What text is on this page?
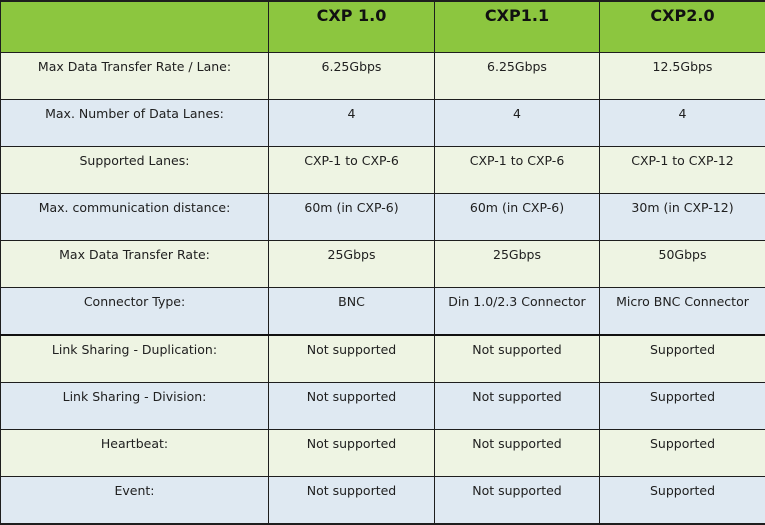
	CXP 1.0	CXP1.1	CXP2.0
Max Data Transfer Rate / Lane:	6.25Gbps	6.25Gbps	12.5Gbps
Max. Number of Data Lanes:	4	4	4
Supported Lanes:	CXP-1 to CXP-6	CXP-1 to CXP-6	CXP-1 to CXP-12
Max. communication distance:	60m (in CXP-6)	60m (in CXP-6)	30m (in CXP-12)
Max Data Transfer Rate:	25Gbps	25Gbps	50Gbps
Connector Type:	BNC	Din 1.0/2.3 Connector	Micro BNC Connector
Link Sharing - Duplication:	Not supported	Not supported	Supported
Link Sharing - Division:	Not supported	Not supported	Supported
Heartbeat:	Not supported	Not supported	Supported
Event:	Not supported	Not supported	Supported
